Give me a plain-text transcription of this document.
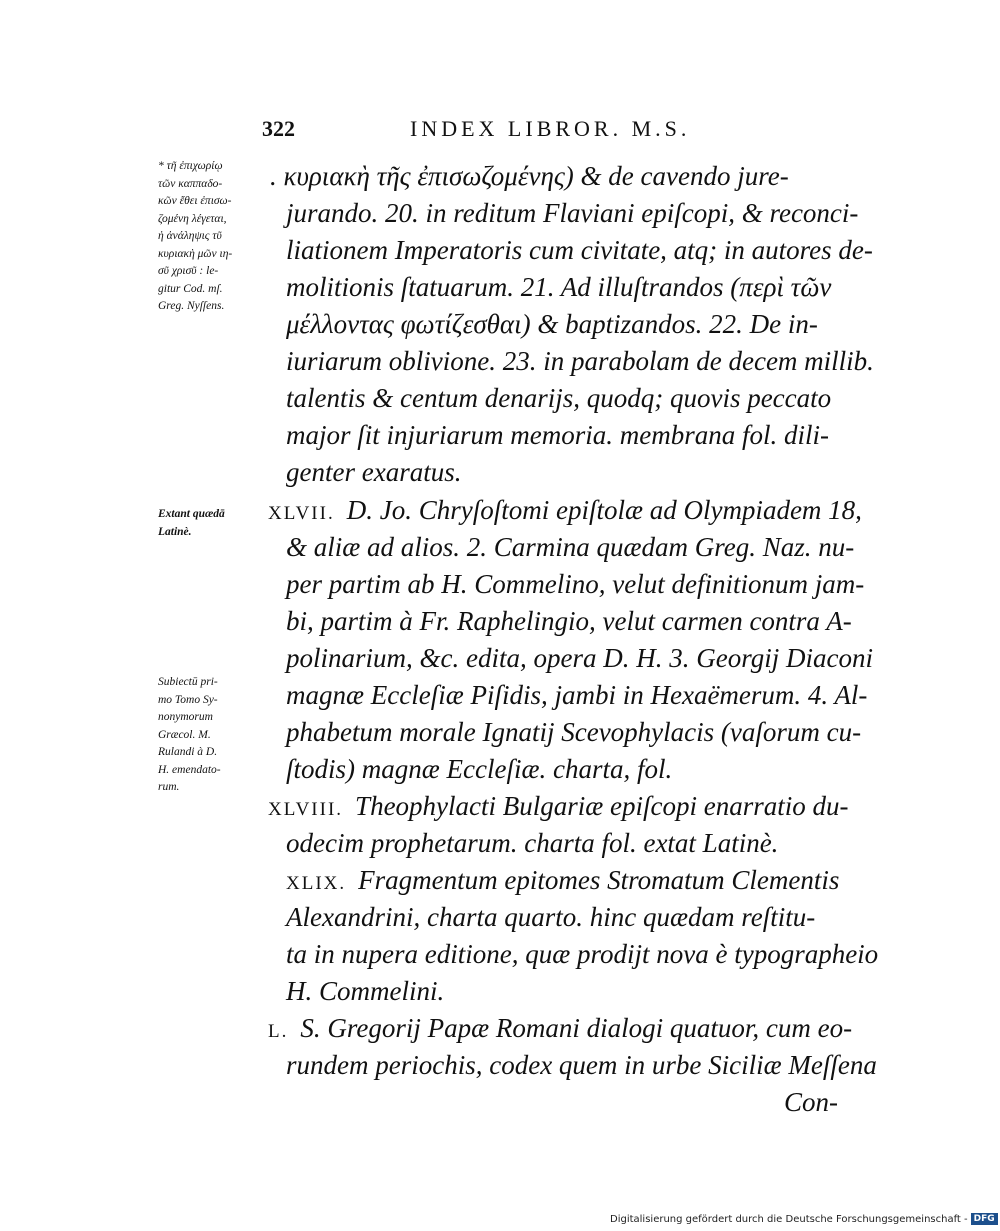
322	INDEX LIBROR. M.S.
* τῆ ἐπιχωρίῳ
τῶν καππαδο-
κῶν ἔθει ἐπισω-
ζομένη λέγεται,
ἡ ἀνάληψις τῦ
κυριακὴ μῶν ιη-
σῦ χρισῦ : le-
gitur Cod. mſ.
Greg. Nyſſens.
Extant quædā
Latinè.
Subiectū pri-
mo Tomo Sy-
nonymorum
Græcol. M.
Rulandi à D.
H. emendato-
rum.
. κυριακὴ τῆς ἐπισωζομένης) & de cavendo jure-
jurando. 20. in reditum Flaviani epiſcopi, & reconci-
liationem Imperatoris cum civitate, atq; in autores de-
molitionis ſtatuarum. 21. Ad illuſtrandos (περὶ τῶν
μέλλοντας φωτίζεσθαι) & baptizandos. 22. De in-
iuriarum oblivione. 23. in parabolam de decem millib.
talentis & centum denarijs, quodq; quovis peccato
major ſit injuriarum memoria. membrana fol. dili-
genter exaratus.
XLVII. D. Jo. Chryſoſtomi epiſtolæ ad Olympiadem 18,
& aliæ ad alios. 2. Carmina quædam Greg. Naz. nu-
per partim ab H. Commelino, velut definitionum jam-
bi, partim à Fr. Raphelingio, velut carmen contra A-
polinarium, &c. edita, opera D. H. 3. Georgij Diaconi
magnæ Eccleſiæ Piſidis, jambi in Hexaëmerum. 4. Al-
phabetum morale Ignatij Scevophylacis (vaſorum cu-
ſtodis) magnæ Eccleſiæ. charta, fol.
XLVIII. Theophylacti Bulgariæ epiſcopi enarratio du-
odecim prophetarum. charta fol. extat Latinè.
XLIX. Fragmentum epitomes Stromatum Clementis
Alexandrini, charta quarto. hinc quædam reſtitu-
ta in nupera editione, quæ prodijt nova è typographeio
H. Commelini.
L. S. Gregorij Papæ Romani dialogi quatuor, cum eo-
rundem periochis, codex quem in urbe Siciliæ Meſſena
Con-
Digitalisierung gefördert durch die Deutsche Forschungsgemeinschaft - DFG
